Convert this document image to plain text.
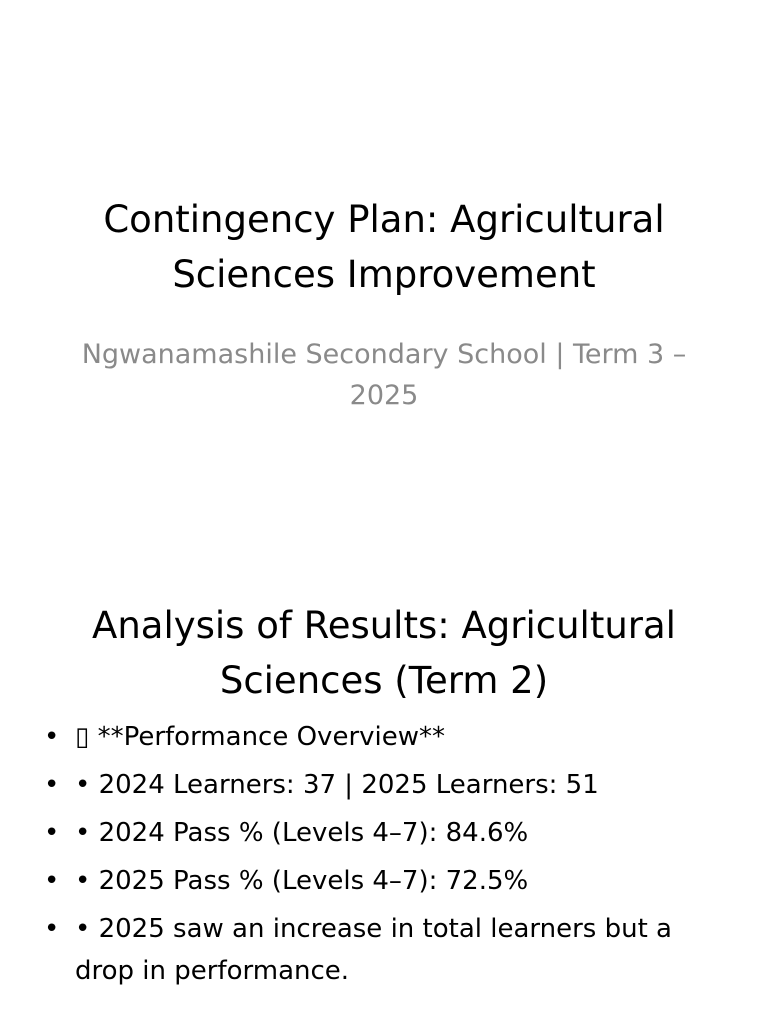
Contingency Plan: Agricultural Sciences Improvement

Ngwanamashile Secondary School | Term 3 – 2025

Analysis of Results: Agricultural Sciences (Term 2)
• ▯ **Performance Overview**
• • 2024 Learners: 37 | 2025 Learners: 51
• • 2024 Pass % (Levels 4–7): 84.6%
• • 2025 Pass % (Levels 4–7): 72.5%
• • 2025 saw an increase in total learners but a drop in performance.
